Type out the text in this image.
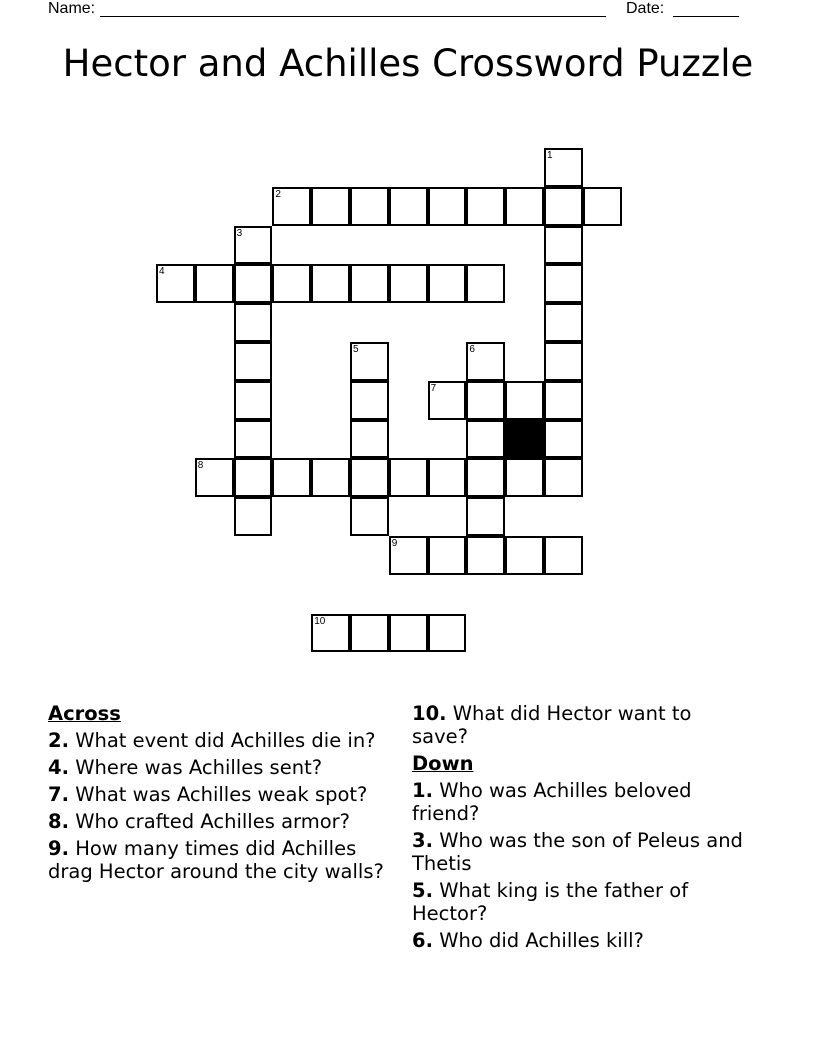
Name:	Date:
Hector and Achilles Crossword Puzzle
1
2
3
4
5	6
7
8
9
10
Across
2. What event did Achilles die in?
4. Where was Achilles sent?
7. What was Achilles weak spot?
8. Who crafted Achilles armor?
9. How many times did Achilles drag Hector around the city walls?
10. What did Hector want to save?
Down
1. Who was Achilles beloved friend?
3. Who was the son of Peleus and Thetis
5. What king is the father of Hector?
6. Who did Achilles kill?
